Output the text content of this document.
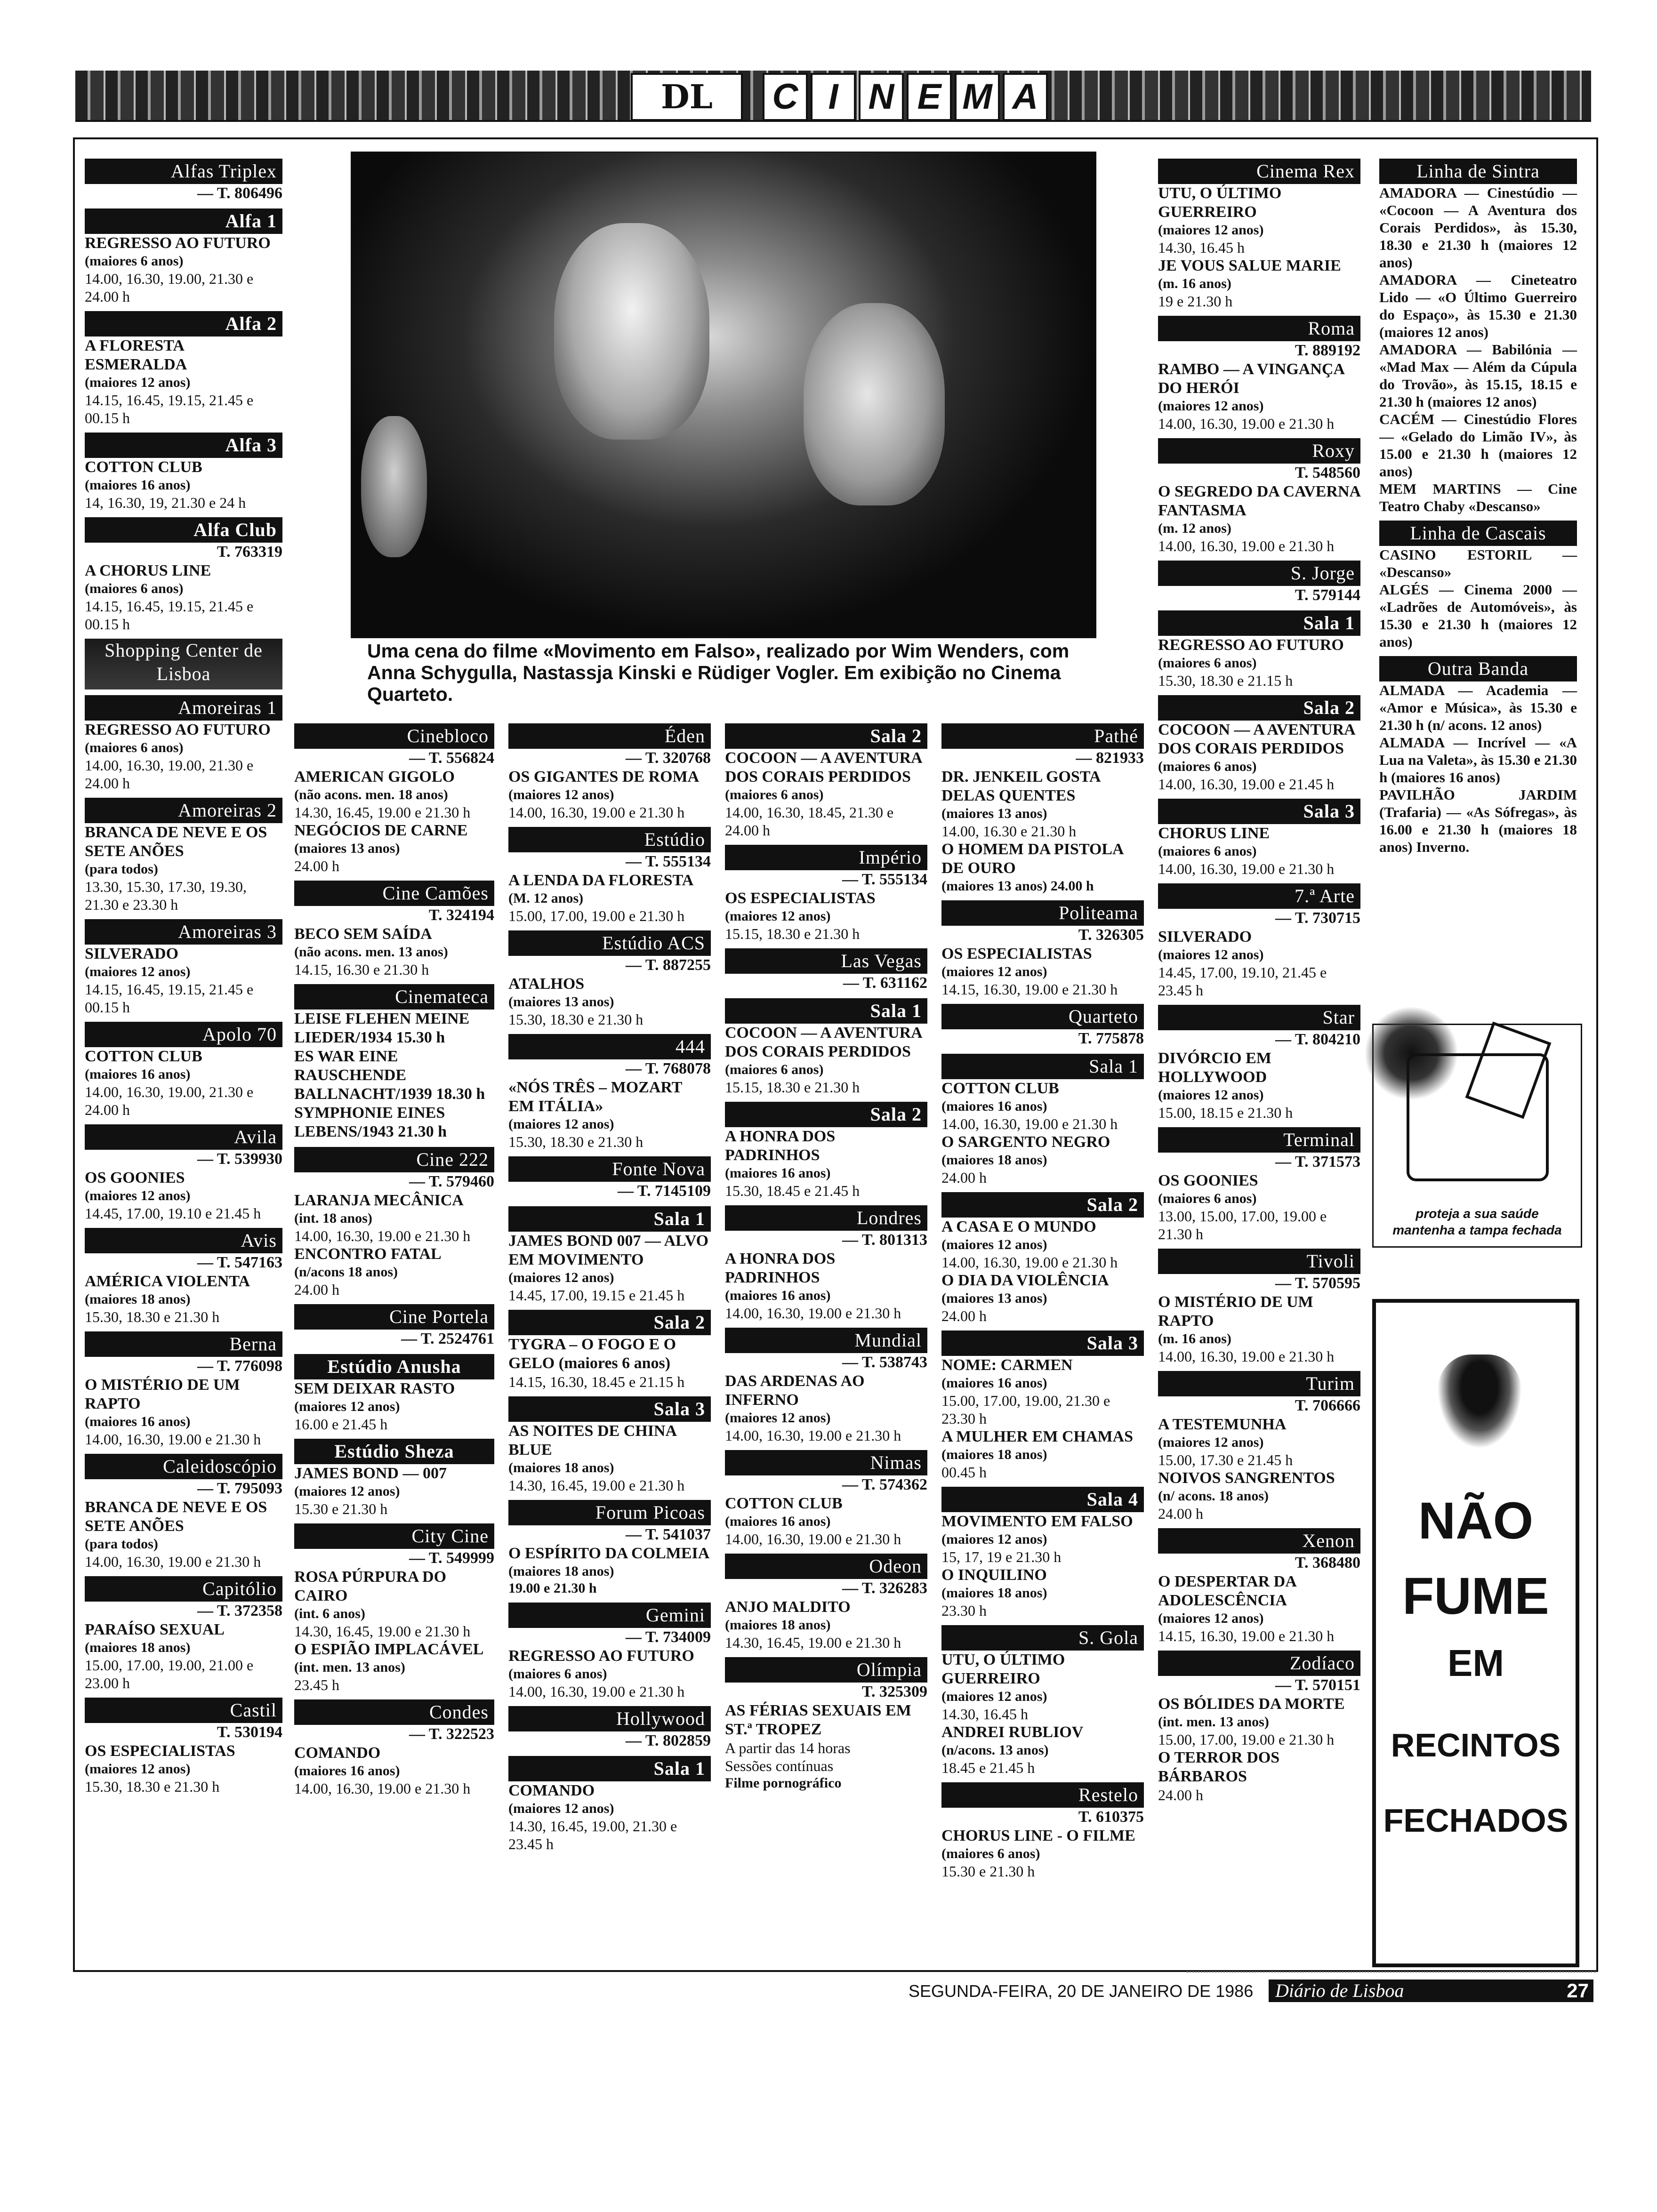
DL	C I N E M A
Alfas Triplex
— T. 806496
Alfa 1
REGRESSO AO FUTURO
(maiores 6 anos)
14.00, 16.30, 19.00, 21.30 e 24.00 h
Alfa 2
A FLORESTA ESMERALDA
(maiores 12 anos)
14.15, 16.45, 19.15, 21.45 e 00.15 h
Alfa 3
COTTON CLUB
(maiores 16 anos)
14, 16.30, 19, 21.30 e 24 h
Alfa Club
T. 763319
A CHORUS LINE
(maiores 6 anos)
14.15, 16.45, 19.15, 21.45 e 00.15 h
Shopping Center de Lisboa
Amoreiras 1
REGRESSO AO FUTURO
(maiores 6 anos)
14.00, 16.30, 19.00, 21.30 e 24.00 h
Amoreiras 2
BRANCA DE NEVE E OS SETE ANÕES
(para todos)
13.30, 15.30, 17.30, 19.30, 21.30 e 23.30 h
Amoreiras 3
SILVERADO
(maiores 12 anos)
14.15, 16.45, 19.15, 21.45 e 00.15 h
Apolo 70
COTTON CLUB
(maiores 16 anos)
14.00, 16.30, 19.00, 21.30 e 24.00 h
Avila
— T. 539930
OS GOONIES
(maiores 12 anos)
14.45, 17.00, 19.10 e 21.45 h
Avis
— T. 547163
AMÉRICA VIOLENTA
(maiores 18 anos)
15.30, 18.30 e 21.30 h
Berna
— T. 776098
O MISTÉRIO DE UM RAPTO
(maiores 16 anos)
14.00, 16.30, 19.00 e 21.30 h
Caleidoscópio
— T. 795093
BRANCA DE NEVE E OS SETE ANÕES
(para todos)
14.00, 16.30, 19.00 e 21.30 h
Capitólio
— T. 372358
PARAÍSO SEXUAL
(maiores 18 anos)
15.00, 17.00, 19.00, 21.00 e 23.00 h
Castil
T. 530194
OS ESPECIALISTAS
(maiores 12 anos)
15.30, 18.30 e 21.30 h
Cinebloco
— T. 556824
AMERICAN GIGOLO
(não acons. men. 18 anos)
14.30, 16.45, 19.00 e 21.30 h
NEGÓCIOS DE CARNE
(maiores 13 anos)
24.00 h
Cine Camões
T. 324194
BECO SEM SAÍDA
(não acons. men. 13 anos)
14.15, 16.30 e 21.30 h
Cinemateca
LEISE FLEHEN MEINE LIEDER/1934 15.30 h
ES WAR EINE RAUSCHENDE BALLNACHT/1939 18.30 h
SYMPHONIE EINES LEBENS/1943 21.30 h
Cine 222
— T. 579460
LARANJA MECÂNICA
(int. 18 anos)
14.00, 16.30, 19.00 e 21.30 h
ENCONTRO FATAL
(n/acons 18 anos)
24.00 h
Cine Portela
— T. 2524761
Estúdio Anusha
SEM DEIXAR RASTO
(maiores 12 anos)
16.00 e 21.45 h
Estúdio Sheza
JAMES BOND — 007
(maiores 12 anos)
15.30 e 21.30 h
City Cine
— T. 549999
ROSA PÚRPURA DO CAIRO
(int. 6 anos)
14.30, 16.45, 19.00 e 21.30 h
O ESPIÃO IMPLACÁVEL
(int. men. 13 anos)
23.45 h
Condes
— T. 322523
COMANDO
(maiores 16 anos)
14.00, 16.30, 19.00 e 21.30 h
Éden
— T. 320768
OS GIGANTES DE ROMA
(maiores 12 anos)
14.00, 16.30, 19.00 e 21.30 h
Estúdio
— T. 555134
A LENDA DA FLORESTA
(M. 12 anos)
15.00, 17.00, 19.00 e 21.30 h
Estúdio ACS
— T. 887255
ATALHOS
(maiores 13 anos)
15.30, 18.30 e 21.30 h
444
— T. 768078
«NÓS TRÊS – MOZART EM ITÁLIA»
(maiores 12 anos)
15.30, 18.30 e 21.30 h
Fonte Nova
— T. 7145109
Sala 1
JAMES BOND 007 — ALVO EM MOVIMENTO
(maiores 12 anos)
14.45, 17.00, 19.15 e 21.45 h
Sala 2
TYGRA – O FOGO E O GELO (maiores 6 anos)
14.15, 16.30, 18.45 e 21.15 h
Sala 3
AS NOITES DE CHINA BLUE
(maiores 18 anos)
14.30, 16.45, 19.00 e 21.30 h
Forum Picoas
— T. 541037
O ESPÍRITO DA COLMEIA
(maiores 18 anos)
19.00 e 21.30 h
Gemini
— T. 734009
REGRESSO AO FUTURO
(maiores 6 anos)
14.00, 16.30, 19.00 e 21.30 h
Hollywood
— T. 802859
Sala 1
COMANDO
(maiores 12 anos)
14.30, 16.45, 19.00, 21.30 e 23.45 h
Sala 2
COCOON — A AVENTURA DOS CORAIS PERDIDOS
(maiores 6 anos)
14.00, 16.30, 18.45, 21.30 e 24.00 h
Império
— T. 555134
OS ESPECIALISTAS
(maiores 12 anos)
15.15, 18.30 e 21.30 h
Las Vegas
— T. 631162
Sala 1
COCOON — A AVENTURA DOS CORAIS PERDIDOS
(maiores 6 anos)
15.15, 18.30 e 21.30 h
Sala 2
A HONRA DOS PADRINHOS
(maiores 16 anos)
15.30, 18.45 e 21.45 h
Londres
— T. 801313
A HONRA DOS PADRINHOS
(maiores 16 anos)
14.00, 16.30, 19.00 e 21.30 h
Mundial
— T. 538743
DAS ARDENAS AO INFERNO
(maiores 12 anos)
14.00, 16.30, 19.00 e 21.30 h
Nimas
— T. 574362
COTTON CLUB
(maiores 16 anos)
14.00, 16.30, 19.00 e 21.30 h
Odeon
— T. 326283
ANJO MALDITO
(maiores 18 anos)
14.30, 16.45, 19.00 e 21.30 h
Olímpia
T. 325309
AS FÉRIAS SEXUAIS EM ST.ª TROPEZ
A partir das 14 horas
Sessões contínuas
Filme pornográfico
Pathé
— 821933
DR. JENKEIL GOSTA DELAS QUENTES
(maiores 13 anos)
14.00, 16.30 e 21.30 h
O HOMEM DA PISTOLA DE OURO
(maiores 13 anos) 24.00 h
Politeama
T. 326305
OS ESPECIALISTAS
(maiores 12 anos)
14.15, 16.30, 19.00 e 21.30 h
Quarteto
T. 775878
Sala 1
COTTON CLUB
(maiores 16 anos)
14.00, 16.30, 19.00 e 21.30 h
O SARGENTO NEGRO
(maiores 18 anos)
24.00 h
Sala 2
A CASA E O MUNDO
(maiores 12 anos)
14.00, 16.30, 19.00 e 21.30 h
O DIA DA VIOLÊNCIA
(maiores 13 anos)
24.00 h
Sala 3
NOME: CARMEN
(maiores 16 anos)
15.00, 17.00, 19.00, 21.30 e 23.30 h
A MULHER EM CHAMAS
(maiores 18 anos)
00.45 h
Sala 4
MOVIMENTO EM FALSO
(maiores 12 anos)
15, 17, 19 e 21.30 h
O INQUILINO
(maiores 18 anos)
23.30 h
S. Gola
UTU, O ÚLTIMO GUERREIRO
(maiores 12 anos)
14.30, 16.45 h
ANDREI RUBLIOV
(n/acons. 13 anos)
18.45 e 21.45 h
Restelo
T. 610375
CHORUS LINE - O FILME
(maiores 6 anos)
15.30 e 21.30 h
Cinema Rex
UTU, O ÚLTIMO GUERREIRO
(maiores 12 anos)
14.30, 16.45 h
JE VOUS SALUE MARIE
(m. 16 anos)
19 e 21.30 h
Roma
T. 889192
RAMBO — A VINGANÇA DO HERÓI
(maiores 12 anos)
14.00, 16.30, 19.00 e 21.30 h
Roxy
T. 548560
O SEGREDO DA CAVERNA FANTASMA
(m. 12 anos)
14.00, 16.30, 19.00 e 21.30 h
S. Jorge
T. 579144
Sala 1
REGRESSO AO FUTURO
(maiores 6 anos)
15.30, 18.30 e 21.15 h
Sala 2
COCOON — A AVENTURA DOS CORAIS PERDIDOS
(maiores 6 anos)
14.00, 16.30, 19.00 e 21.45 h
Sala 3
CHORUS LINE
(maiores 6 anos)
14.00, 16.30, 19.00 e 21.30 h
7.ª Arte
— T. 730715
SILVERADO
(maiores 12 anos)
14.45, 17.00, 19.10, 21.45 e 23.45 h
Star
— T. 804210
DIVÓRCIO EM HOLLYWOOD
(maiores 12 anos)
15.00, 18.15 e 21.30 h
Terminal
— T. 371573
OS GOONIES
(maiores 6 anos)
13.00, 15.00, 17.00, 19.00 e 21.30 h
Tivoli
— T. 570595
O MISTÉRIO DE UM RAPTO
(m. 16 anos)
14.00, 16.30, 19.00 e 21.30 h
Turim
T. 706666
A TESTEMUNHA
(maiores 12 anos)
15.00, 17.30 e 21.45 h
NOIVOS SANGRENTOS
(n/ acons. 18 anos)
24.00 h
Xenon
T. 368480
O DESPERTAR DA ADOLESCÊNCIA
(maiores 12 anos)
14.15, 16.30, 19.00 e 21.30 h
Zodíaco
— T. 570151
OS BÓLIDES DA MORTE
(int. men. 13 anos)
15.00, 17.00, 19.00 e 21.30 h
O TERROR DOS BÁRBAROS
24.00 h
Linha de Sintra
AMADORA — Cinestúdio — «Cocoon — A Aventura dos Corais Perdidos», às 15.30, 18.30 e 21.30 h (maiores 12 anos)
AMADORA — Cineteatro Lido — «O Último Guerreiro do Espaço», às 15.30 e 21.30 (maiores 12 anos)
AMADORA — Babilónia — «Mad Max — Além da Cúpula do Trovão», às 15.15, 18.15 e 21.30 h (maiores 12 anos)
CACÉM — Cinestúdio Flores — «Gelado do Limão IV», às 15.00 e 21.30 h (maiores 12 anos)
MEM MARTINS — Cine Teatro Chaby «Descanso»
Linha de Cascais
CASINO ESTORIL — «Descanso»
ALGÉS — Cinema 2000 — «Ladrões de Automóveis», às 15.30 e 21.30 h (maiores 12 anos)
Outra Banda
ALMADA — Academia — «Amor e Música», às 15.30 e 21.30 h (n/ acons. 12 anos)
ALMADA — Incrível — «A Lua na Valeta», às 15.30 e 21.30 h (maiores 16 anos)
PAVILHÃO JARDIM (Trafaria) — «As Sófregas», às 16.00 e 21.30 h (maiores 18 anos) Inverno.
Uma cena do filme «Movimento em Falso», realizado por Wim Wenders, com Anna Schygulla, Nastassja Kinski e Rüdiger Vogler. Em exibição no Cinema Quarteto.
proteja a sua saúde
mantenha a tampa fechada
NÃO
FUME
EM
RECINTOS
FECHADOS
SEGUNDA-FEIRA, 20 DE JANEIRO DE 1986	Diário de Lisboa	27
